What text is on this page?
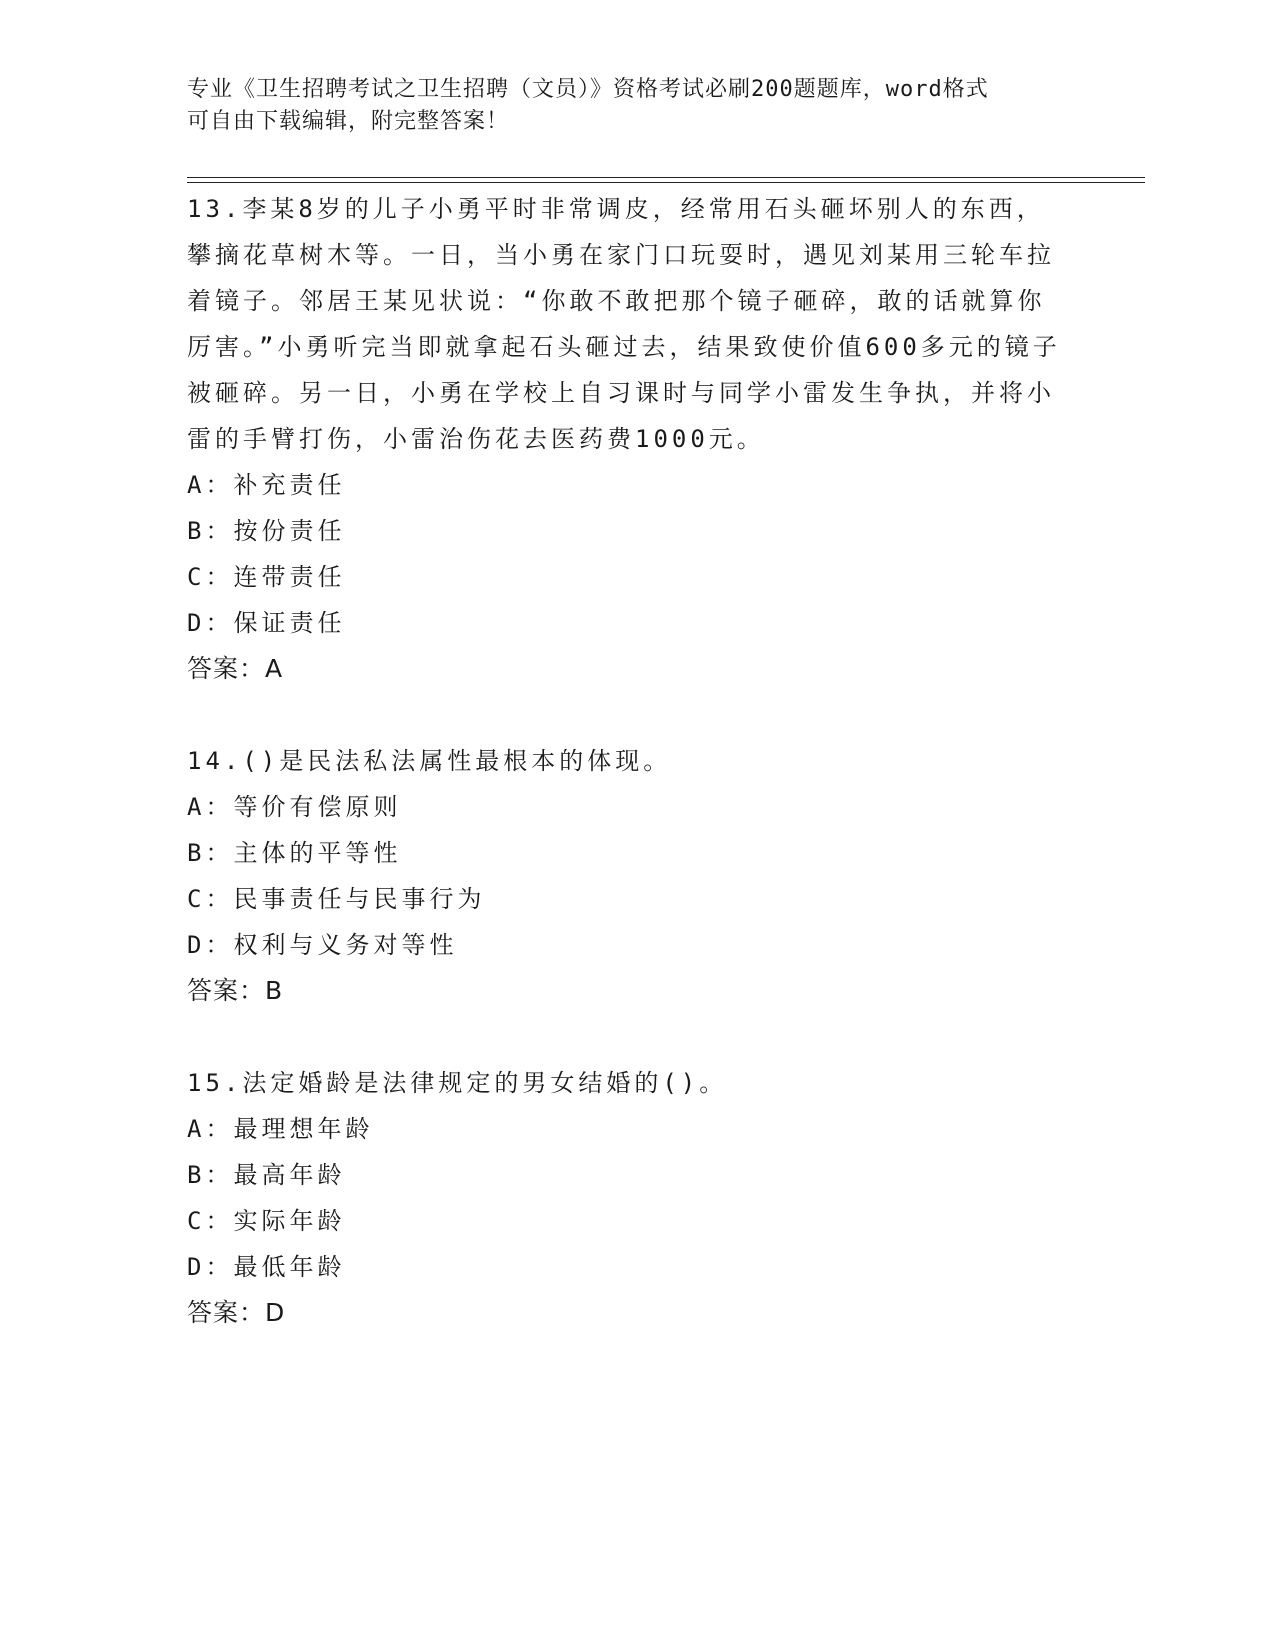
专业《卫生招聘考试之卫生招聘（文员）》资格考试必刷200题题库，word格式
可自由下载编辑，附完整答案！

13.李某8岁的儿子小勇平时非常调皮，经常用石头砸坏别人的东西，攀摘花草树木等。一日，当小勇在家门口玩耍时，遇见刘某用三轮车拉着镜子。邻居王某见状说：“你敢不敢把那个镜子砸碎，敢的话就算你厉害。”小勇听完当即就拿起石头砸过去，结果致使价值600多元的镜子被砸碎。另一日，小勇在学校上自习课时与同学小雷发生争执，并将小雷的手臂打伤，小雷治伤花去医药费1000元。

A：补充责任

B：按份责任

C：连带责任

D：保证责任

答案：A

14.()是民法私法属性最根本的体现。

A：等价有偿原则

B：主体的平等性

C：民事责任与民事行为

D：权利与义务对等性

答案：B

15.法定婚龄是法律规定的男女结婚的()。

A：最理想年龄

B：最高年龄

C：实际年龄

D：最低年龄

答案：D
